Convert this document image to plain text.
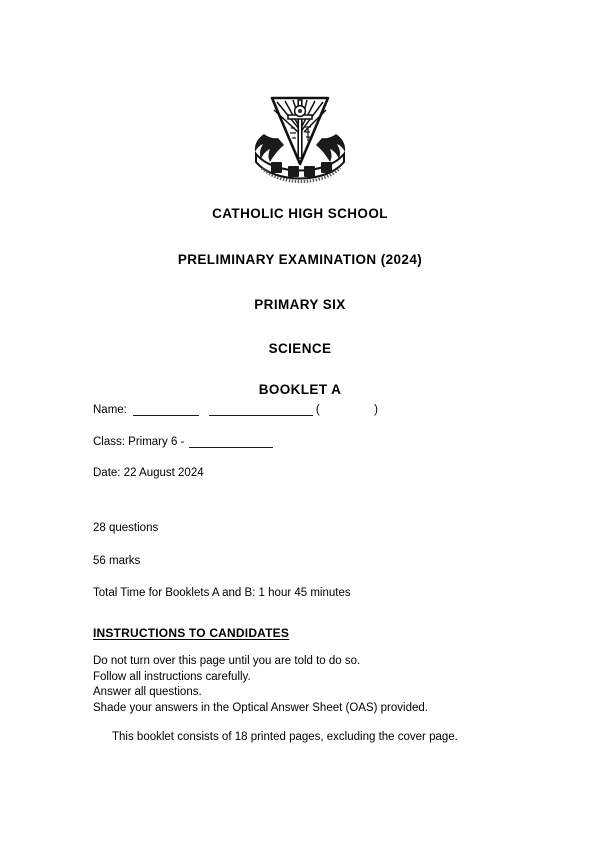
CATHOLIC HIGH SCHOOL
PRELIMINARY EXAMINATION (2024)
PRIMARY SIX
SCIENCE
BOOKLET A
Name:	(  )
Class: Primary 6 -
Date: 22 August 2024
28 questions
56 marks
Total Time for Booklets A and B: 1 hour 45 minutes
INSTRUCTIONS TO CANDIDATES
Do not turn over this page until you are told to do so.
Follow all instructions carefully.
Answer all questions.
Shade your answers in the Optical Answer Sheet (OAS) provided.
This booklet consists of 18 printed pages, excluding the cover page.
